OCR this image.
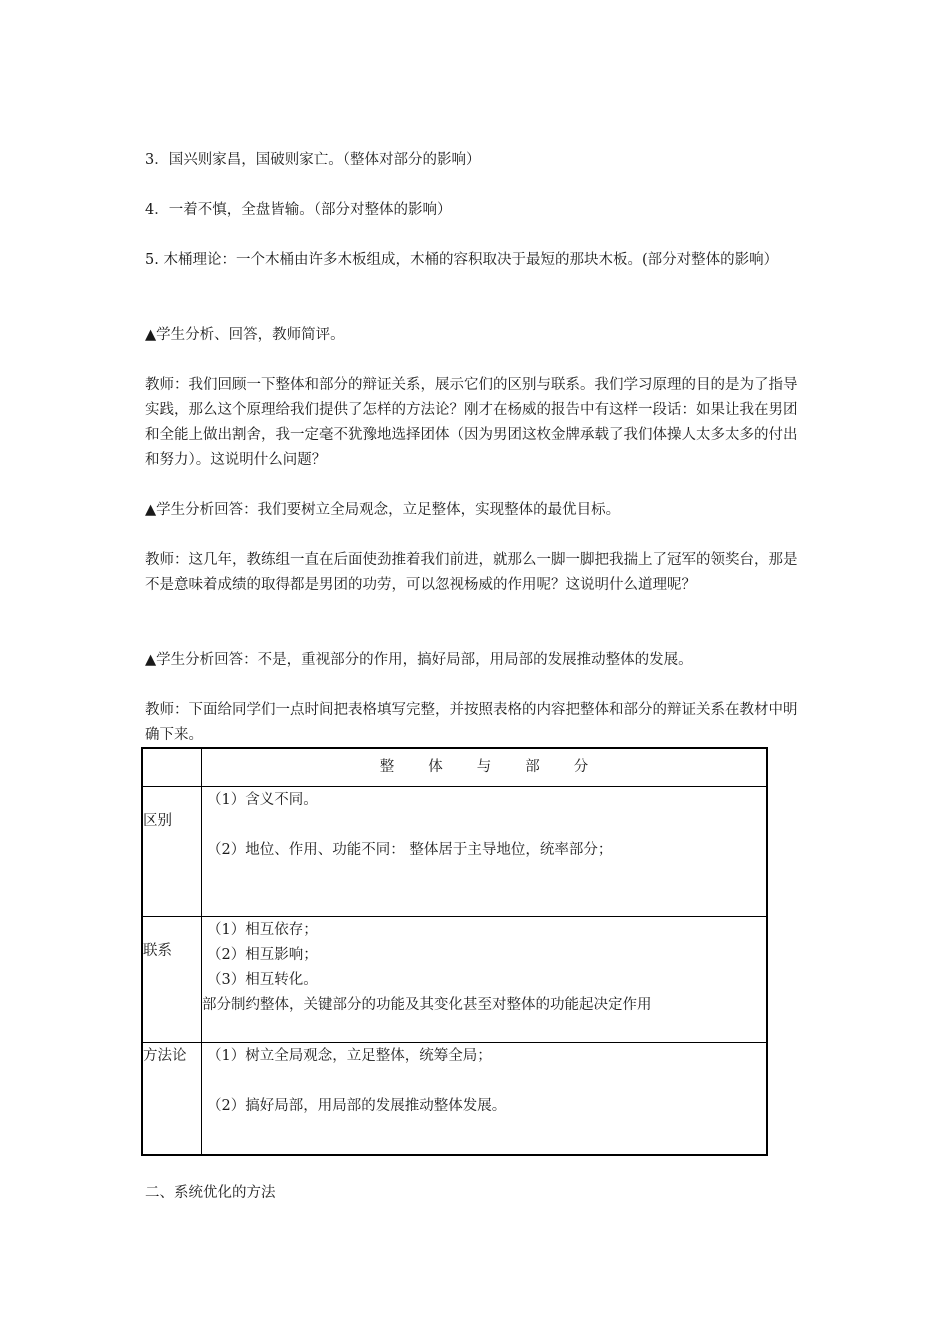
3．国兴则家昌，国破则家亡。（整体对部分的影响）

4．一着不慎，全盘皆输。（部分对整体的影响）

5. 木桶理论：一个木桶由许多木板组成，木桶的容积取决于最短的那块木板。(部分对整体的影响）

▲学生分析、回答，教师简评。

教师：我们回顾一下整体和部分的辩证关系，展示它们的区别与联系。我们学习原理的目的是为了指导实践，那么这个原理给我们提供了怎样的方法论？刚才在杨威的报告中有这样一段话：如果让我在男团和全能上做出割舍，我一定毫不犹豫地选择团体（因为男团这枚金牌承载了我们体操人太多太多的付出和努力）。这说明什么问题？

▲学生分析回答：我们要树立全局观念，立足整体，实现整体的最优目标。

教师：这几年，教练组一直在后面使劲推着我们前进，就那么一脚一脚把我揣上了冠军的领奖台，那是不是意味着成绩的取得都是男团的功劳，可以忽视杨威的作用呢？这说明什么道理呢？

▲学生分析回答：不是，重视部分的作用，搞好局部，用局部的发展推动整体的发展。

教师：下面给同学们一点时间把表格填写完整，并按照表格的内容把整体和部分的辩证关系在教材中明确下来。

二、系统优化的方法

	整 体 与 部 分

区别	（1）含义不同。
（2）地位、作用、功能不同： 整体居于主导地位，统率部分；

联系	（1）相互依存；
（2）相互影响；
（3）相互转化。
部分制约整体，关键部分的功能及其变化甚至对整体的功能起决定作用

方法论	（1）树立全局观念，立足整体，统筹全局；
（2）搞好局部，用局部的发展推动整体发展。
